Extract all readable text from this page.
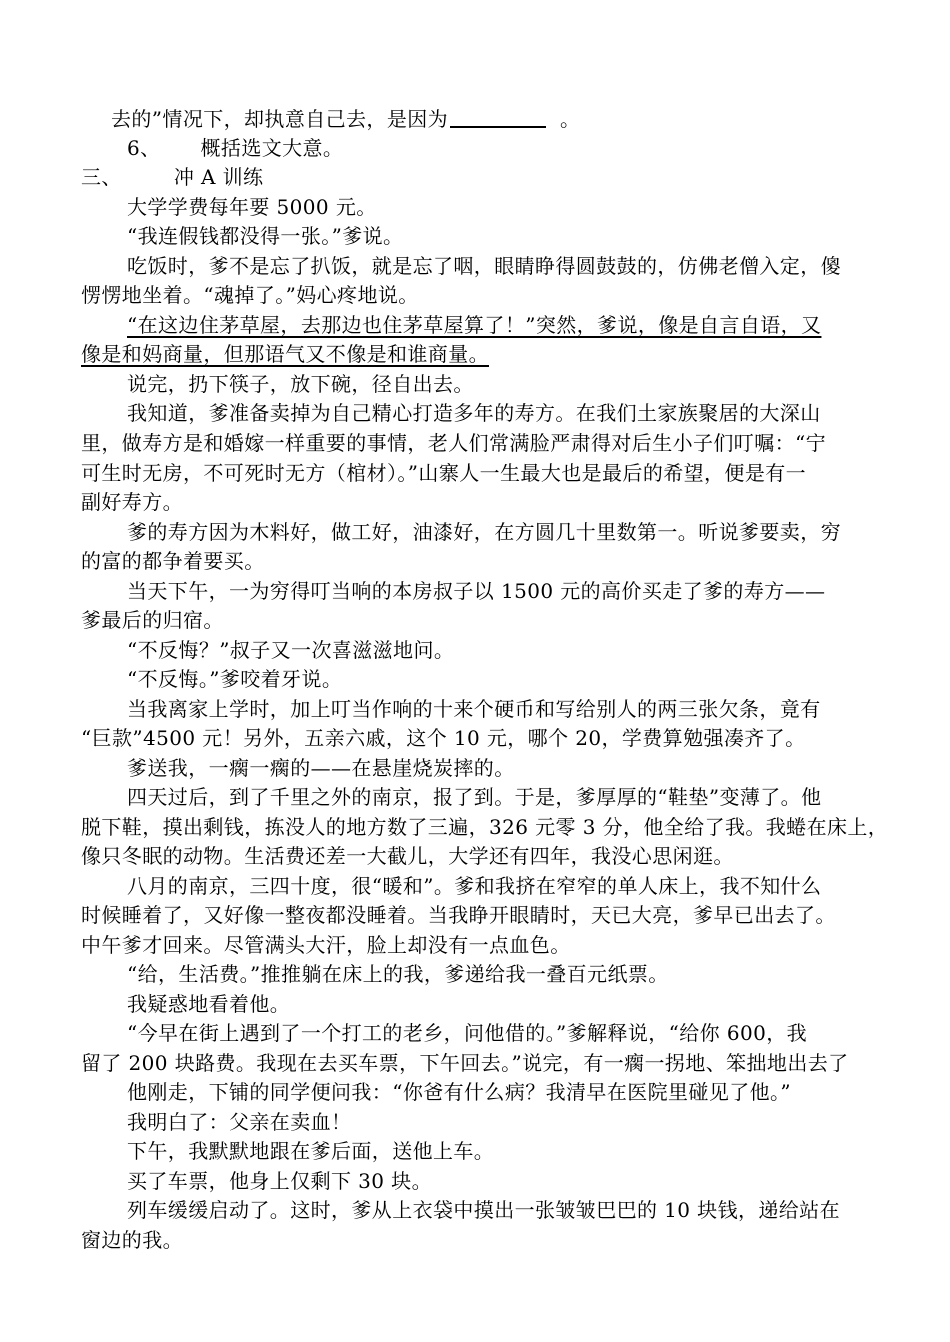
去的”情况下，却执意自己去，是因为	。
6、 概括选文大意。
三、	冲 A 训练
大学学费每年要 5000 元。
“我连假钱都没得一张。”爹说。
吃饭时，爹不是忘了扒饭，就是忘了咽，眼睛睁得圆鼓鼓的，仿佛老僧入定，傻
愣愣地坐着。“魂掉了。”妈心疼地说。
“在这边住茅草屋，去那边也住茅草屋算了！”突然，爹说，像是自言自语，又
像是和妈商量，但那语气又不像是和谁商量。
说完，扔下筷子，放下碗，径自出去。
我知道，爹准备卖掉为自己精心打造多年的寿方。在我们土家族聚居的大深山
里，做寿方是和婚嫁一样重要的事情，老人们常满脸严肃得对后生小子们叮嘱：“宁
可生时无房，不可死时无方（棺材）。”山寨人一生最大也是最后的希望，便是有一
副好寿方。
爹的寿方因为木料好，做工好，油漆好，在方圆几十里数第一。听说爹要卖，穷
的富的都争着要买。
当天下午，一为穷得叮当响的本房叔子以 1500 元的高价买走了爹的寿方——
爹最后的归宿。
“不反悔？”叔子又一次喜滋滋地问。
“不反悔。”爹咬着牙说。
当我离家上学时，加上叮当作响的十来个硬币和写给别人的两三张欠条，竟有
“巨款”4500 元！另外，五亲六戚，这个 10 元，哪个 20，学费算勉强凑齐了。
爹送我，一瘸一瘸的——在悬崖烧炭摔的。
四天过后，到了千里之外的南京，报了到。于是，爹厚厚的“鞋垫”变薄了。他
脱下鞋，摸出剩钱，拣没人的地方数了三遍，326 元零 3 分，他全给了我。我蜷在床上，
像只冬眠的动物。生活费还差一大截儿，大学还有四年，我没心思闲逛。
八月的南京，三四十度，很“暖和”。爹和我挤在窄窄的单人床上，我不知什么
时候睡着了，又好像一整夜都没睡着。当我睁开眼睛时，天已大亮，爹早已出去了。
中午爹才回来。尽管满头大汗，脸上却没有一点血色。
“给，生活费。”推推躺在床上的我，爹递给我一叠百元纸票。
我疑惑地看着他。
“今早在街上遇到了一个打工的老乡，问他借的。”爹解释说，“给你 600，我
留了 200 块路费。我现在去买车票，下午回去。”说完，有一瘸一拐地、笨拙地出去了
他刚走，下铺的同学便问我：“你爸有什么病？我清早在医院里碰见了他。”
我明白了：父亲在卖血！
下午，我默默地跟在爹后面，送他上车。
买了车票，他身上仅剩下 30 块。
列车缓缓启动了。这时，爹从上衣袋中摸出一张皱皱巴巴的 10 块钱，递给站在
窗边的我。
